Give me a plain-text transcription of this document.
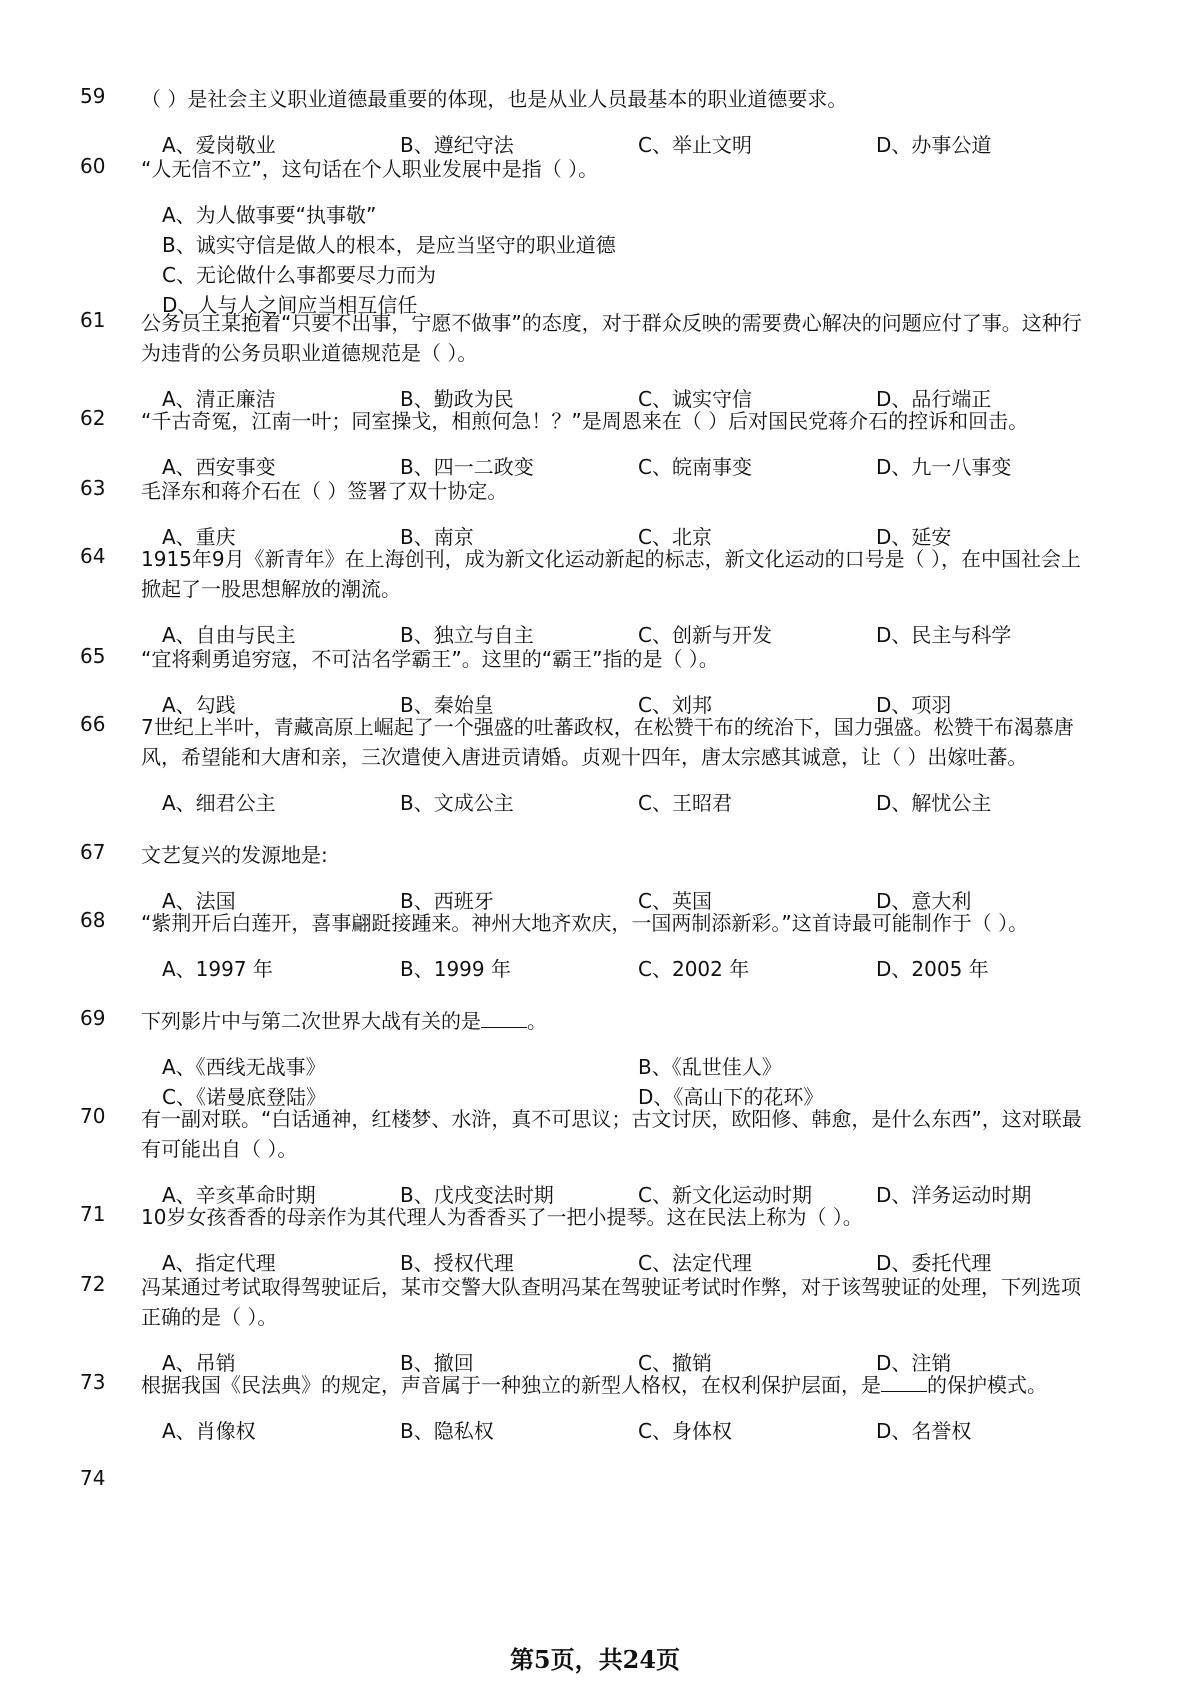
59	（ ）是社会主义职业道德最重要的体现，也是从业人员最基本的职业道德要求。
A、爱岗敬业	B、遵纪守法	C、举止文明	D、办事公道
60	“人无信不立”，这句话在个人职业发展中是指（ ）。
A、为人做事要“执事敬”
B、诚实守信是做人的根本，是应当坚守的职业道德
C、无论做什么事都要尽力而为
D、人与人之间应当相互信任
61	公务员王某抱着“只要不出事，宁愿不做事”的态度，对于群众反映的需要费心解决的问题应付了事。这种行为违背的公务员职业道德规范是（ ）。
A、清正廉洁	B、勤政为民	C、诚实守信	D、品行端正
62	“千古奇冤，江南一叶；同室操戈，相煎何急！？”是周恩来在（ ）后对国民党蒋介石的控诉和回击。
A、西安事变	B、四一二政变	C、皖南事变	D、九一八事变
63	毛泽东和蒋介石在（ ）签署了双十协定。
A、重庆	B、南京	C、北京	D、延安
64	1915年9月《新青年》在上海创刊，成为新文化运动新起的标志，新文化运动的口号是（ ），在中国社会上掀起了一股思想解放的潮流。
A、自由与民主	B、独立与自主	C、创新与开发	D、民主与科学
65	“宜将剩勇追穷寇，不可沽名学霸王”。这里的“霸王”指的是（ ）。
A、勾践	B、秦始皇	C、刘邦	D、项羽
66	7世纪上半叶，青藏高原上崛起了一个强盛的吐蕃政权，在松赞干布的统治下，国力强盛。松赞干布渴慕唐风，希望能和大唐和亲，三次遣使入唐进贡请婚。贞观十四年，唐太宗感其诚意，让（ ）出嫁吐蕃。
A、细君公主	B、文成公主	C、王昭君	D、解忧公主
67	文艺复兴的发源地是:
A、法国	B、西班牙	C、英国	D、意大利
68	“紫荆开后白莲开，喜事翩跹接踵来。神州大地齐欢庆，一国两制添新彩。”这首诗最可能制作于（ ）。
A、1997 年	B、1999 年	C、2002 年	D、2005 年
69	下列影片中与第二次世界大战有关的是 。
A、《西线无战事》	B、《乱世佳人》
C、《诺曼底登陆》	D、《高山下的花环》
70	有一副对联。“白话通神，红楼梦、水浒，真不可思议；古文讨厌，欧阳修、韩愈，是什么东西”，这对联最有可能出自（ ）。
A、辛亥革命时期	B、戊戌变法时期	C、新文化运动时期	D、洋务运动时期
71	10岁女孩香香的母亲作为其代理人为香香买了一把小提琴。这在民法上称为（ ）。
A、指定代理	B、授权代理	C、法定代理	D、委托代理
72	冯某通过考试取得驾驶证后，某市交警大队查明冯某在驾驶证考试时作弊，对于该驾驶证的处理，下列选项正确的是（ ）。
A、吊销	B、撤回	C、撤销	D、注销
73	根据我国《民法典》的规定，声音属于一种独立的新型人格权，在权利保护层面，是 的保护模式。
A、肖像权	B、隐私权	C、身体权	D、名誉权
74
第5页，共24页
